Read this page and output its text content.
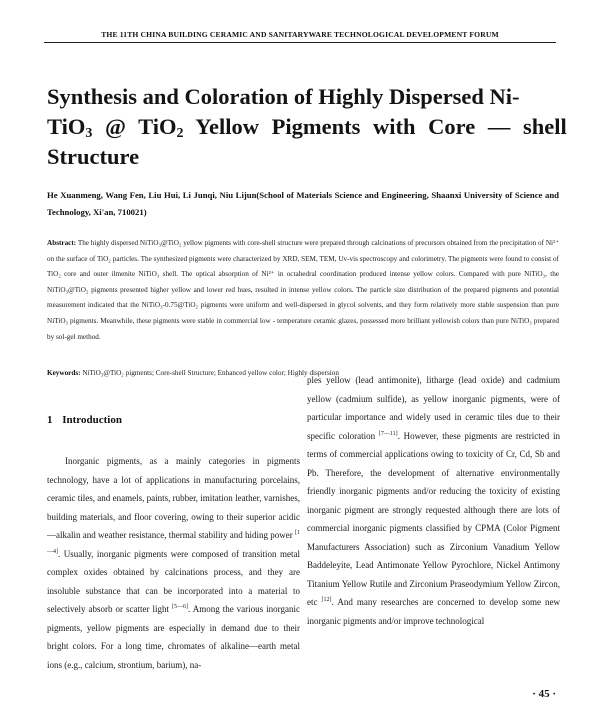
THE 11TH CHINA BUILDING CERAMIC AND SANITARYWARE TECHNOLOGICAL DEVELOPMENT FORUM
Synthesis and Coloration of Highly Dispersed Ni-
TiO$_3$ @ TiO$_2$ Yellow Pigments with Core — shell
Structure
He Xuanmeng, Wang Fen, Liu Hui, Li Junqi, Niu Lijun(School of Materials Science and Engineering, Shaanxi University of Science and Technology, Xi'an, 710021)
Abstract: The highly dispersed NiTiO₃@TiO₂ yellow pigments with core-shell structure were prepared through calcinations of precursors obtained from the precipitation of Ni²⁺ on the surface of TiO₂ particles. The synthesized pigments were characterized by XRD, SEM, TEM, Uv-vis spectroscopy and colorimetry. The pigments were found to consist of TiO₂ core and outer ilmenite NiTiO₃ shell. The optical absorption of Ni²⁺ in octahedral coordination produced intense yellow colors. Compared with pure NiTiO₃, the NiTiO₃@TiO₂ pigments presented higher yellow and lower red hues, resulted in intense yellow colors. The particle size distribution of the prepared pigments and potential measurement indicated that the NiTiO₃-0.75@TiO₂ pigments were uniform and well-dispersed in glycol solvents, and they form relatively more stable suspension than pure NiTiO₃ pigments. Meanwhile, these pigments were stable in commercial low - temperature ceramic glazes, possessed more brilliant yellowish colors than pure NiTiO₃ prepared by sol-gel method.
Keywords: NiTiO₃@TiO₂ pigments; Core-shell Structure; Enhanced yellow color; Highly dispersion
1 Introduction

Inorganic pigments, as a mainly categories in pigments technology, have a lot of applications in manufacturing porcelains, ceramic tiles, and enamels, paints, rubber, imitation leather, varnishes, building materials, and floor covering, owing to their superior acidic—alkalin and weather resistance, thermal stability and hiding power [1—4]. Usually, inorganic pigments were composed of transition metal complex oxides obtained by calcinations process, and they are insoluble substance that can be incorporated into a material to selectively absorb or scatter light [5—6]. Among the various inorganic pigments, yellow pigments are especially in demand due to their bright colors. For a long time, chromates of alkaline—earth metal ions (e.g., calcium, strontium, barium), na-

ples yellow (lead antimonite), litharge (lead oxide) and cadmium yellow (cadmium sulfide), as yellow inorganic pigments, were of particular importance and widely used in ceramic tiles due to their specific coloration [7—11]. However, these pigments are restricted in terms of commercial applications owing to toxicity of Cr, Cd, Sb and Pb. Therefore, the development of alternative environmentally friendly inorganic pigments and/or reducing the toxicity of existing inorganic pigment are strongly requested although there are lots of commercial inorganic pigments classified by CPMA (Color Pigment Manufacturers Association) such as Zirconium Vanadium Yellow Baddeleyite, Lead Antimonate Yellow Pyrochlore, Nickel Antimony Titanium Yellow Rutile and Zirconium Praseodymium Yellow Zircon, etc [12]. And many researches are concerned to develop some new inorganic pigments and/or improve technological

· 45 ·
